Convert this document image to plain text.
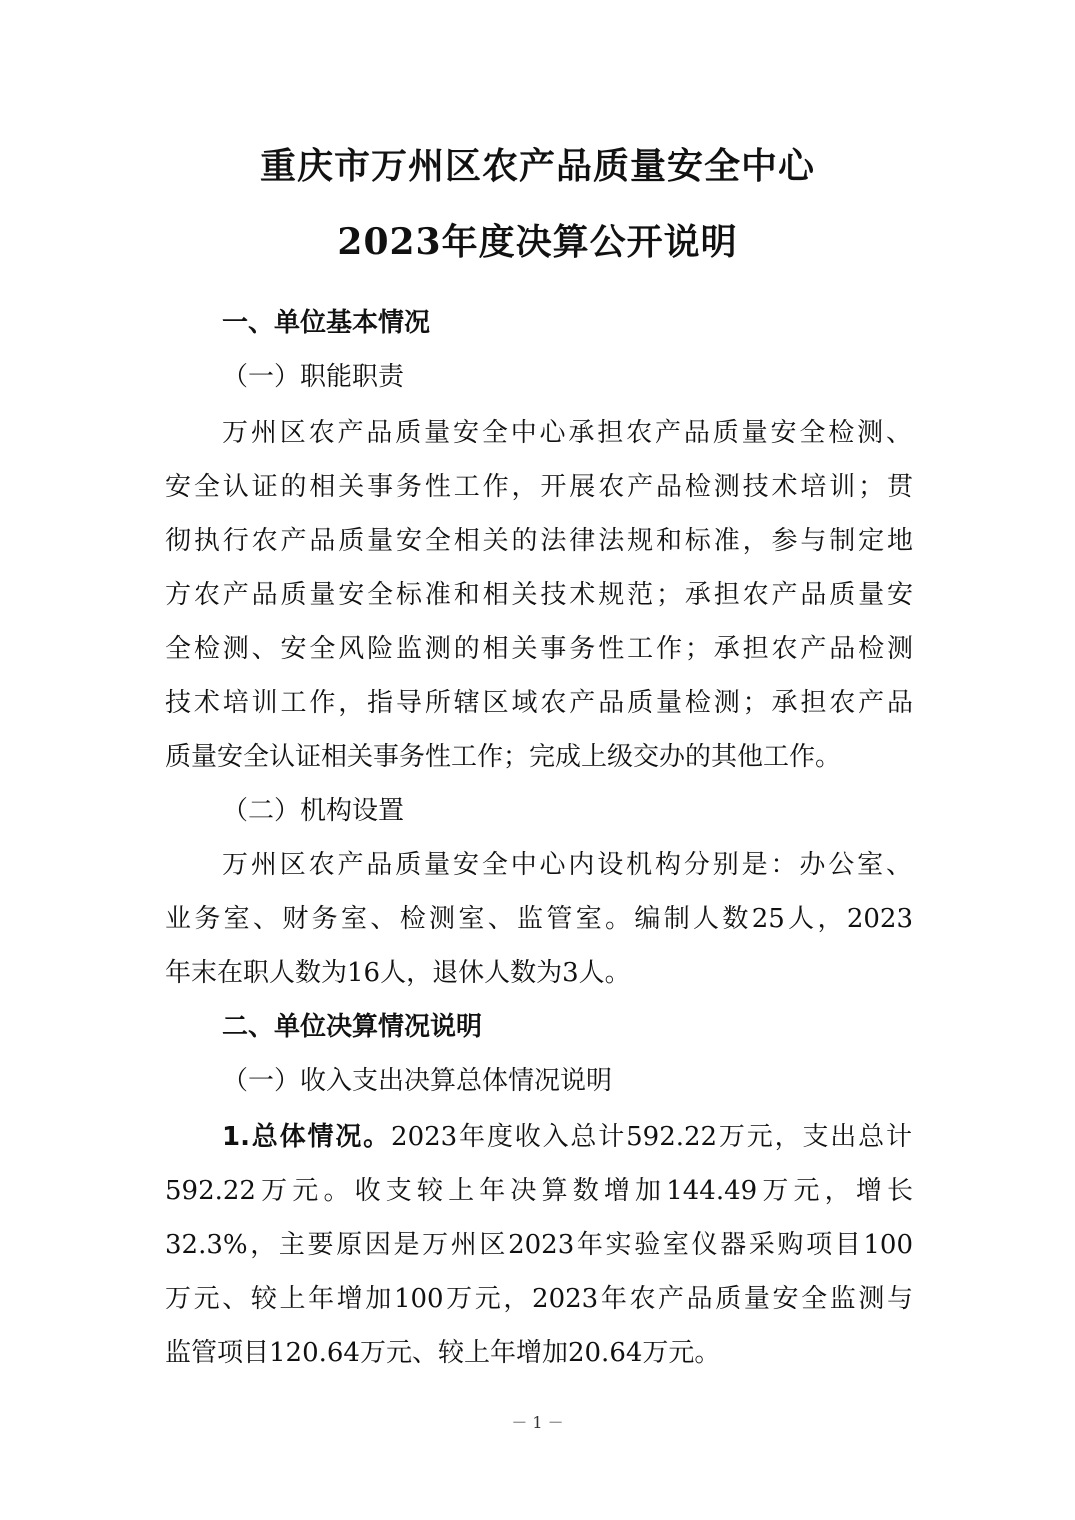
重庆市万州区农产品质量安全中心
2023年度决算公开说明
一、单位基本情况
（一）职能职责
万州区农产品质量安全中心承担农产品质量安全检测、
安全认证的相关事务性工作，开展农产品检测技术培训；贯
彻执行农产品质量安全相关的法律法规和标准，参与制定地
方农产品质量安全标准和相关技术规范；承担农产品质量安
全检测、安全风险监测的相关事务性工作；承担农产品检测
技术培训工作，指导所辖区域农产品质量检测；承担农产品
质量安全认证相关事务性工作；完成上级交办的其他工作。
（二）机构设置
万州区农产品质量安全中心内设机构分别是：办公室、
业务室、财务室、检测室、监管室。编制人数25人，2023
年末在职人数为16人，退休人数为3人。
二、单位决算情况说明
（一）收入支出决算总体情况说明
1.总体情况。2023年度收入总计592.22万元，支出总计
592.22万元。收支较上年决算数增加144.49万元，增长
32.3%，主要原因是万州区2023年实验室仪器采购项目100
万元、较上年增加100万元，2023年农产品质量安全监测与
监管项目120.64万元、较上年增加20.64万元。
－ 1 －
